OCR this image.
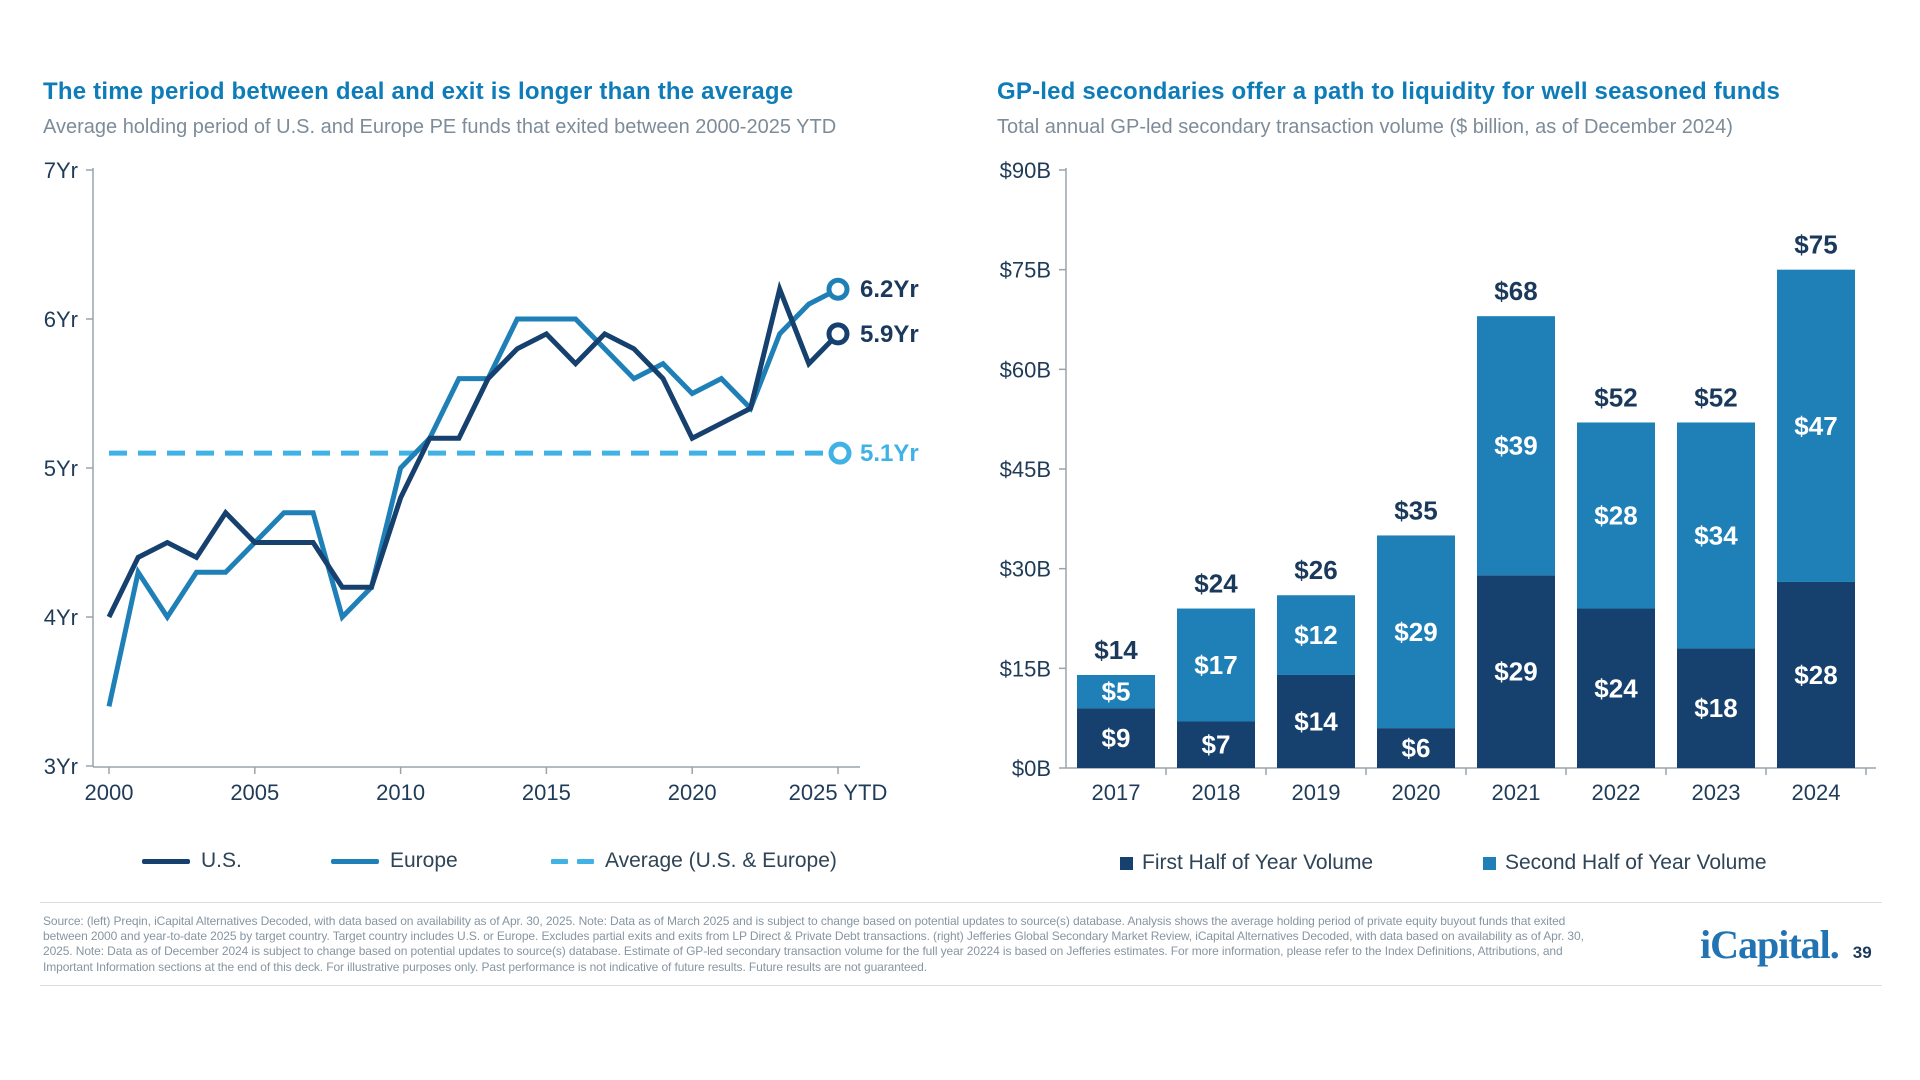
The time period between deal and exit is longer than the average
Average holding period of U.S. and Europe PE funds that exited between 2000-2025 YTD
3Yr
4Yr
5Yr
6Yr
7Yr
2000	2005	2010	2015	2020	2025 YTD
5.9Yr
6.2Yr
5.1Yr
U.S.	Europe	Average (U.S. & Europe)
GP-led secondaries offer a path to liquidity for well seasoned funds
Total annual GP-led secondary transaction volume ($ billion, as of December 2024)
$0B
$15B
$30B
$45B
$60B
$75B
$90B
$9
$5
$14
2017
$7
$17
$24
2018
$14
$12
$26
2019
$6
$29
$35
2020
$29
$39
$68
2021
$24
$28
$52
2022
$18
$34
$52
2023
$28
$47
$75
2024
First Half of Year Volume	Second Half of Year Volume
Source: (left) Preqin, iCapital Alternatives Decoded, with data based on availability as of Apr. 30, 2025. Note: Data as of March 2025 and is subject to change based on potential updates to source(s) database. Analysis shows the average holding period of private equity buyout funds that exited
between 2000 and year-to-date 2025 by target country. Target country includes U.S. or Europe. Excludes partial exits and exits from LP Direct & Private Debt transactions. (right) Jefferies Global Secondary Market Review, iCapital Alternatives Decoded, with data based on availability as of Apr. 30,
2025. Note: Data as of December 2024 is subject to change based on potential updates to source(s) database. Estimate of GP-led secondary transaction volume for the full year 20224 is based on Jefferies estimates. For more information, please refer to the Index Definitions, Attributions, and
Important Information sections at the end of this deck. For illustrative purposes only. Past performance is not indicative of future results. Future results are not guaranteed.	iCapital. 39
